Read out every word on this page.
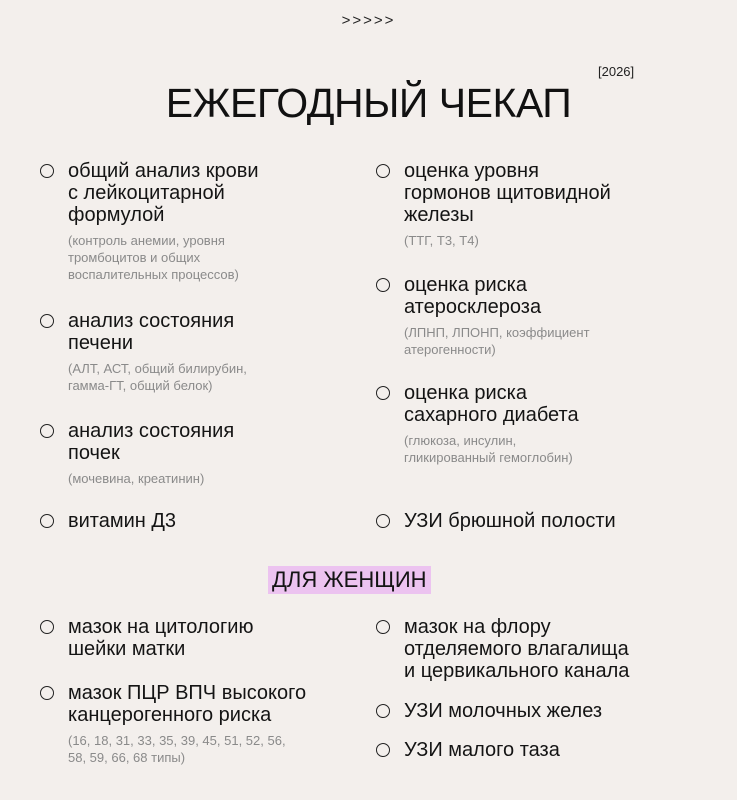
>>>>>
[2026]
ЕЖЕГОДНЫЙ ЧЕКАП
общий анализ крови
с лейкоцитарной
формулой
(контроль анемии, уровня
тромбоцитов и общих
воспалительных процессов)
анализ состояния
печени
(АЛТ, АСТ, общий билирубин,
гамма-ГТ, общий белок)
анализ состояния
почек
(мочевина, креатинин)
витамин Д3
оценка уровня
гормонов щитовидной
железы
(ТТГ, Т3, Т4)
оценка риска
атеросклероза
(ЛПНП, ЛПОНП, коэффициент
атерогенности)
оценка риска
сахарного диабета
(глюкоза, инсулин,
гликированный гемоглобин)
УЗИ брюшной полости
ДЛЯ ЖЕНЩИН
мазок на цитологию
шейки матки
мазок ПЦР ВПЧ высокого
канцерогенного риска
(16, 18, 31, 33, 35, 39, 45, 51, 52, 56,
58, 59, 66, 68 типы)
мазок на флору
отделяемого влагалища
и цервикального канала
УЗИ молочных желез
УЗИ малого таза
